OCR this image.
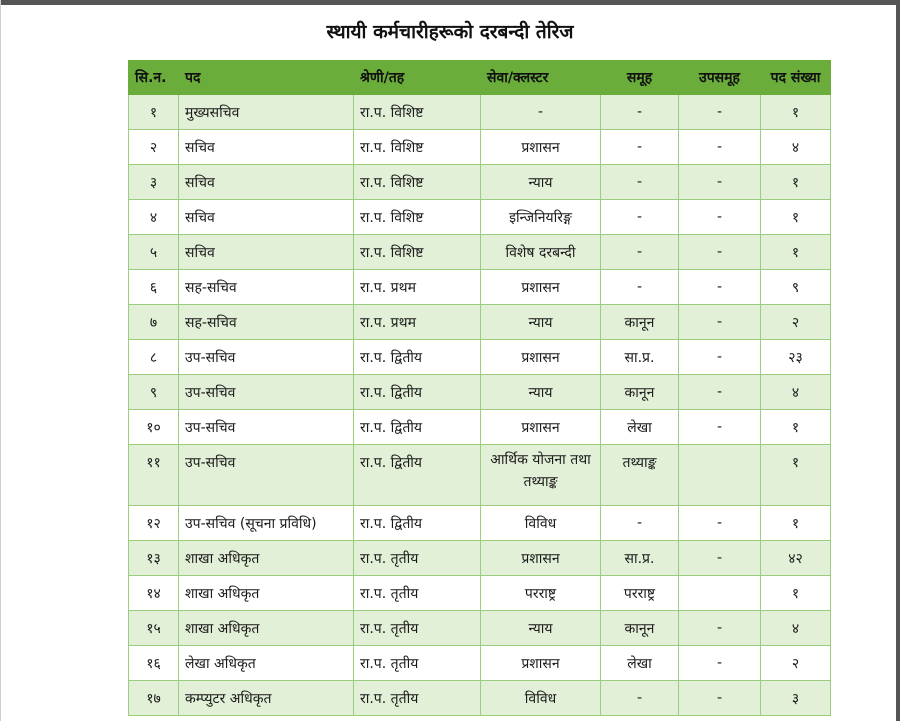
स्थायी कर्मचारीहरूको दरबन्दी तेरिज
सि.न.	पद	श्रेणी/तह	सेवा/क्लस्टर	समूह	उपसमूह	पद संख्या
१	मुख्यसचिव	रा.प. विशिष्ट	-	-	-	१
२	सचिव	रा.प. विशिष्ट	प्रशासन	-	-	४
३	सचिव	रा.प. विशिष्ट	न्याय	-	-	१
४	सचिव	रा.प. विशिष्ट	इन्जिनियरिङ्ग	-	-	१
५	सचिव	रा.प. विशिष्ट	विशेष दरबन्दी	-	-	१
६	सह-सचिव	रा.प. प्रथम	प्रशासन	-	-	९
७	सह-सचिव	रा.प. प्रथम	न्याय	कानून	-	२
८	उप-सचिव	रा.प. द्वितीय	प्रशासन	सा.प्र.	-	२३
९	उप-सचिव	रा.प. द्वितीय	न्याय	कानून	-	४
१०	उप-सचिव	रा.प. द्वितीय	प्रशासन	लेखा	-	१
११	उप-सचिव	रा.प. द्वितीय	आर्थिक योजना तथा तथ्याङ्क	तथ्याङ्क		१
१२	उप-सचिव (सूचना प्रविधि)	रा.प. द्वितीय	विविध	-	-	१
१३	शाखा अधिकृत	रा.प. तृतीय	प्रशासन	सा.प्र.	-	४२
१४	शाखा अधिकृत	रा.प. तृतीय	परराष्ट्र	परराष्ट्र		१
१५	शाखा अधिकृत	रा.प. तृतीय	न्याय	कानून	-	४
१६	लेखा अधिकृत	रा.प. तृतीय	प्रशासन	लेखा	-	२
१७	कम्प्युटर अधिकृत	रा.प. तृतीय	विविध	-	-	३
